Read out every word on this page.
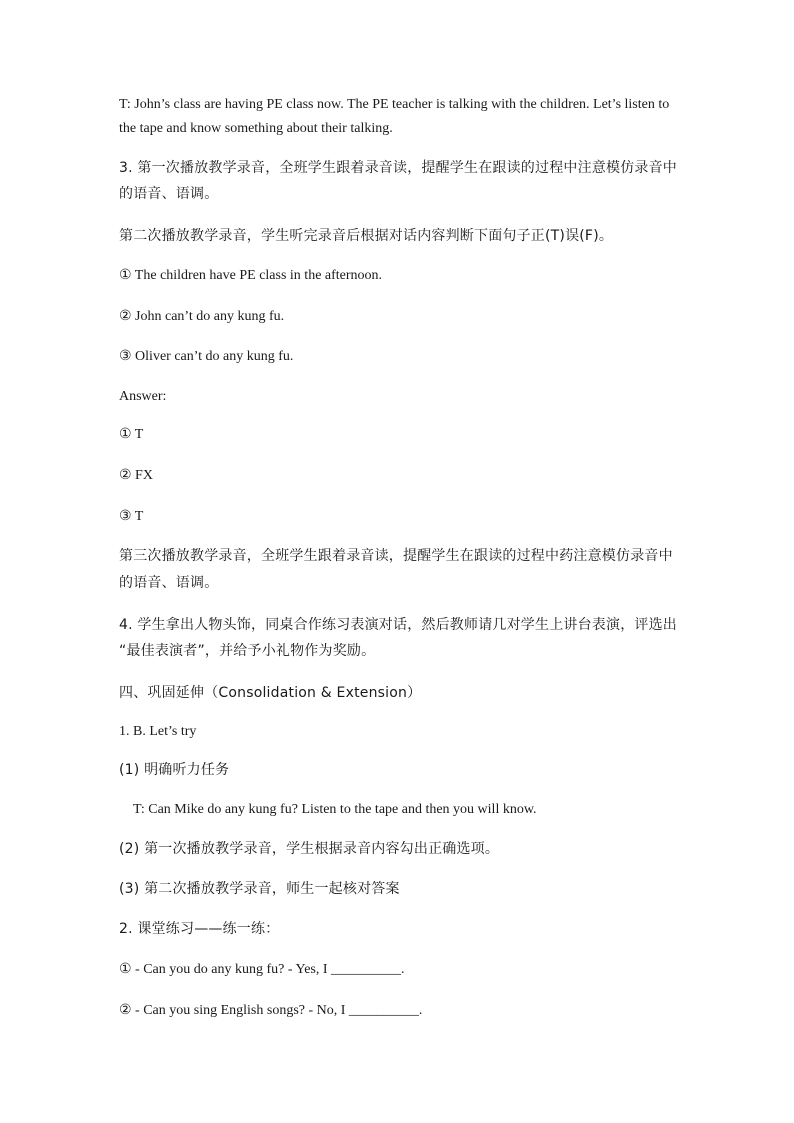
T: John’s class are having PE class now. The PE teacher is talking with the children. Let’s listen to
the tape and know something about their talking.
3. 第一次播放教学录音，全班学生跟着录音读，提醒学生在跟读的过程中注意模仿录音中
的语音、语调。
第二次播放教学录音，学生听完录音后根据对话内容判断下面句子正(T)误(F)。
① The children have PE class in the afternoon.
② John can’t do any kung fu.
③ Oliver can’t do any kung fu.
Answer:
① T
② FX
③ T
第三次播放教学录音，全班学生跟着录音读，提醒学生在跟读的过程中药注意模仿录音中
的语音、语调。
4. 学生拿出人物头饰，同桌合作练习表演对话，然后教师请几对学生上讲台表演，评选出
“最佳表演者”，并给予小礼物作为奖励。
四、巩固延伸（Consolidation & Extension）
1. B. Let’s try
(1) 明确听力任务
T: Can Mike do any kung fu? Listen to the tape and then you will know.
(2) 第一次播放教学录音，学生根据录音内容勾出正确选项。
(3) 第二次播放教学录音，师生一起核对答案
2. 课堂练习——练一练：
① - Can you do any kung fu? - Yes, I __________.
② - Can you sing English songs? - No, I __________.
